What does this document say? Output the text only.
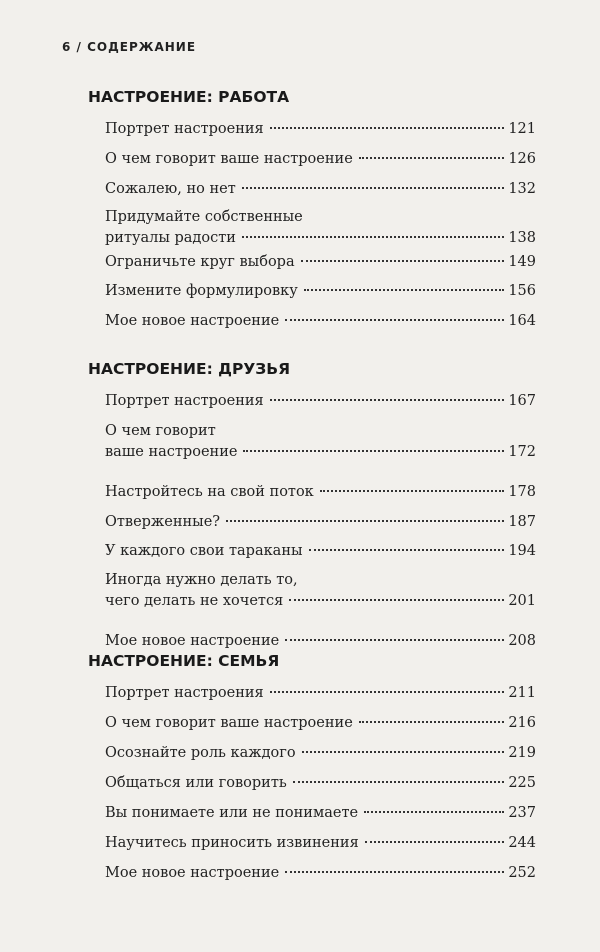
6 / СОДЕРЖАНИЕ
НАСТРОЕНИЕ: РАБОТА
Портрет настроения	121
О чем говорит ваше настроение	126
Сожалею, но нет	132
Придумайте собственные
ритуалы радости	138
Ограничьте круг выбора	149
Измените формулировку	156
Мое новое настроение	164
НАСТРОЕНИЕ: ДРУЗЬЯ
Портрет настроения	167
О чем говорит
ваше настроение	172
Настройтесь на свой поток	178
Отверженные?	187
У каждого свои тараканы	194
Иногда нужно делать то,
чего делать не хочется	201
Мое новое настроение	208
НАСТРОЕНИЕ: СЕМЬЯ
Портрет настроения	211
О чем говорит ваше настроение	216
Осознайте роль каждого	219
Общаться или говорить	225
Вы понимаете или не понимаете	237
Научитесь приносить извинения	244
Мое новое настроение	252
